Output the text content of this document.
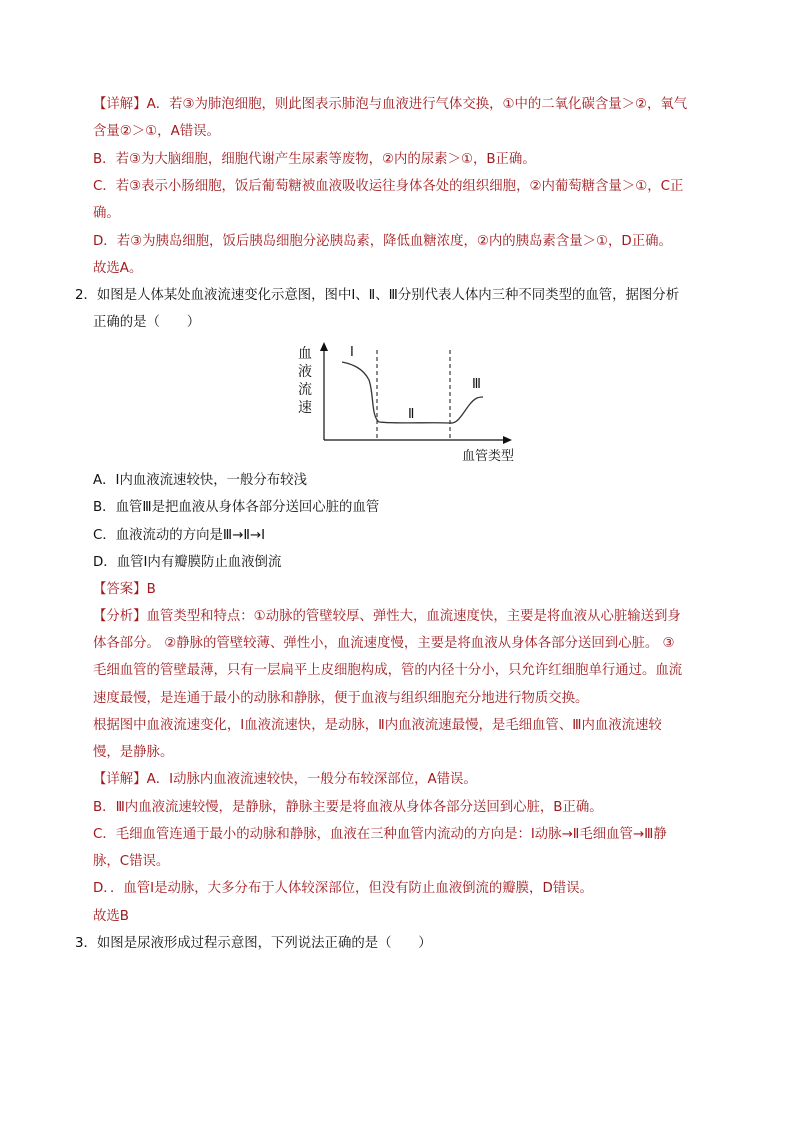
【详解】A．若③为肺泡细胞，则此图表示肺泡与血液进行气体交换，①中的二氧化碳含量＞②，氧气
含量②＞①，A错误。
B．若③为大脑细胞，细胞代谢产生尿素等废物，②内的尿素＞①，B正确。
C．若③表示小肠细胞，饭后葡萄糖被血液吸收运往身体各处的组织细胞，②内葡萄糖含量＞①，C正
确。
D．若③为胰岛细胞，饭后胰岛细胞分泌胰岛素，降低血糖浓度，②内的胰岛素含量＞①，D正确。
故选A。
2．如图是人体某处血液流速变化示意图，图中Ⅰ、Ⅱ、Ⅲ分别代表人体内三种不同类型的血管，据图分析
正确的是（　　）
血
液
流
速
Ⅰ
Ⅱ
Ⅲ
血管类型
A．Ⅰ内血液流速较快，一般分布较浅
B．血管Ⅲ是把血液从身体各部分送回心脏的血管
C．血液流动的方向是Ⅲ→Ⅱ→Ⅰ
D．血管Ⅰ内有瓣膜防止血液倒流
【答案】B
【分析】血管类型和特点：①动脉的管壁较厚、弹性大，血流速度快，主要是将血液从心脏输送到身
体各部分。 ②静脉的管壁较薄、弹性小，血流速度慢，主要是将血液从身体各部分送回到心脏。 ③
毛细血管的管壁最薄，只有一层扁平上皮细胞构成，管的内径十分小，只允许红细胞单行通过。血流
速度最慢，是连通于最小的动脉和静脉，便于血液与组织细胞充分地进行物质交换。
根据图中血液流速变化，Ⅰ血液流速快，是动脉，Ⅱ内血液流速最慢，是毛细血管、Ⅲ内血液流速较
慢，是静脉。
【详解】A．Ⅰ动脉内血液流速较快，一般分布较深部位，A错误。
B．Ⅲ内血液流速较慢，是静脉，静脉主要是将血液从身体各部分送回到心脏，B正确。
C．毛细血管连通于最小的动脉和静脉，血液在三种血管内流动的方向是：Ⅰ动脉→Ⅱ毛细血管→Ⅲ静
脉，C错误。
D．．血管Ⅰ是动脉，大多分布于人体较深部位，但没有防止血液倒流的瓣膜，D错误。
故选B
3．如图是尿液形成过程示意图，下列说法正确的是（　　）
